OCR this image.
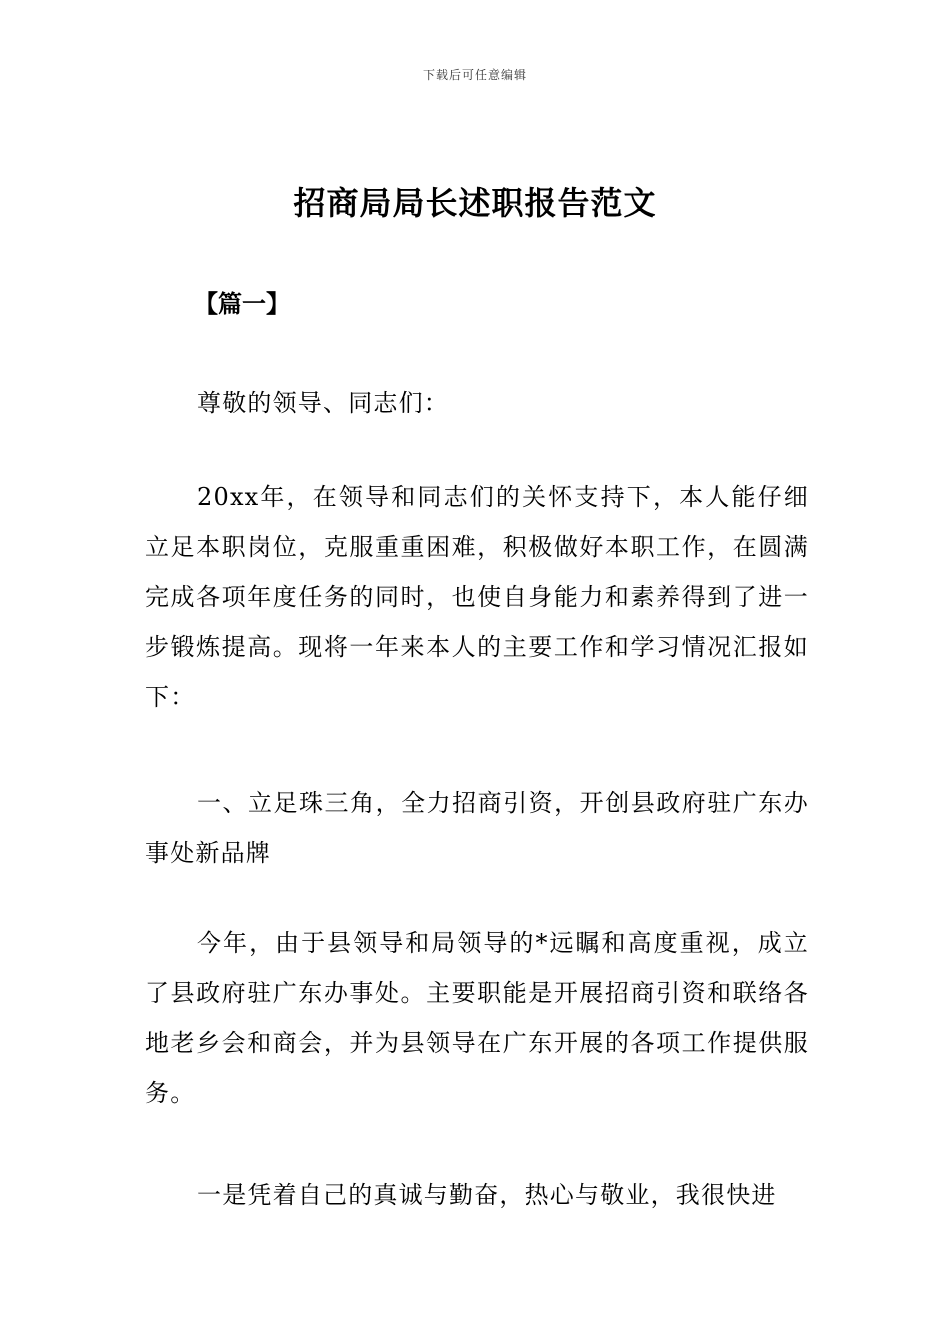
下载后可任意编辑
招商局局长述职报告范文
【篇一】

尊敬的领导、同志们：

20xx年，在领导和同志们的关怀支持下，本人能仔细立足本职岗位，克服重重困难，积极做好本职工作，在圆满完成各项年度任务的同时，也使自身能力和素养得到了进一步锻炼提高。现将一年来本人的主要工作和学习情况汇报如下：

一、立足珠三角，全力招商引资，开创县政府驻广东办事处新品牌

今年，由于县领导和局领导的*远瞩和高度重视，成立了县政府驻广东办事处。主要职能是开展招商引资和联络各地老乡会和商会，并为县领导在广东开展的各项工作提供服务。

一是凭着自己的真诚与勤奋，热心与敬业，我很快进
